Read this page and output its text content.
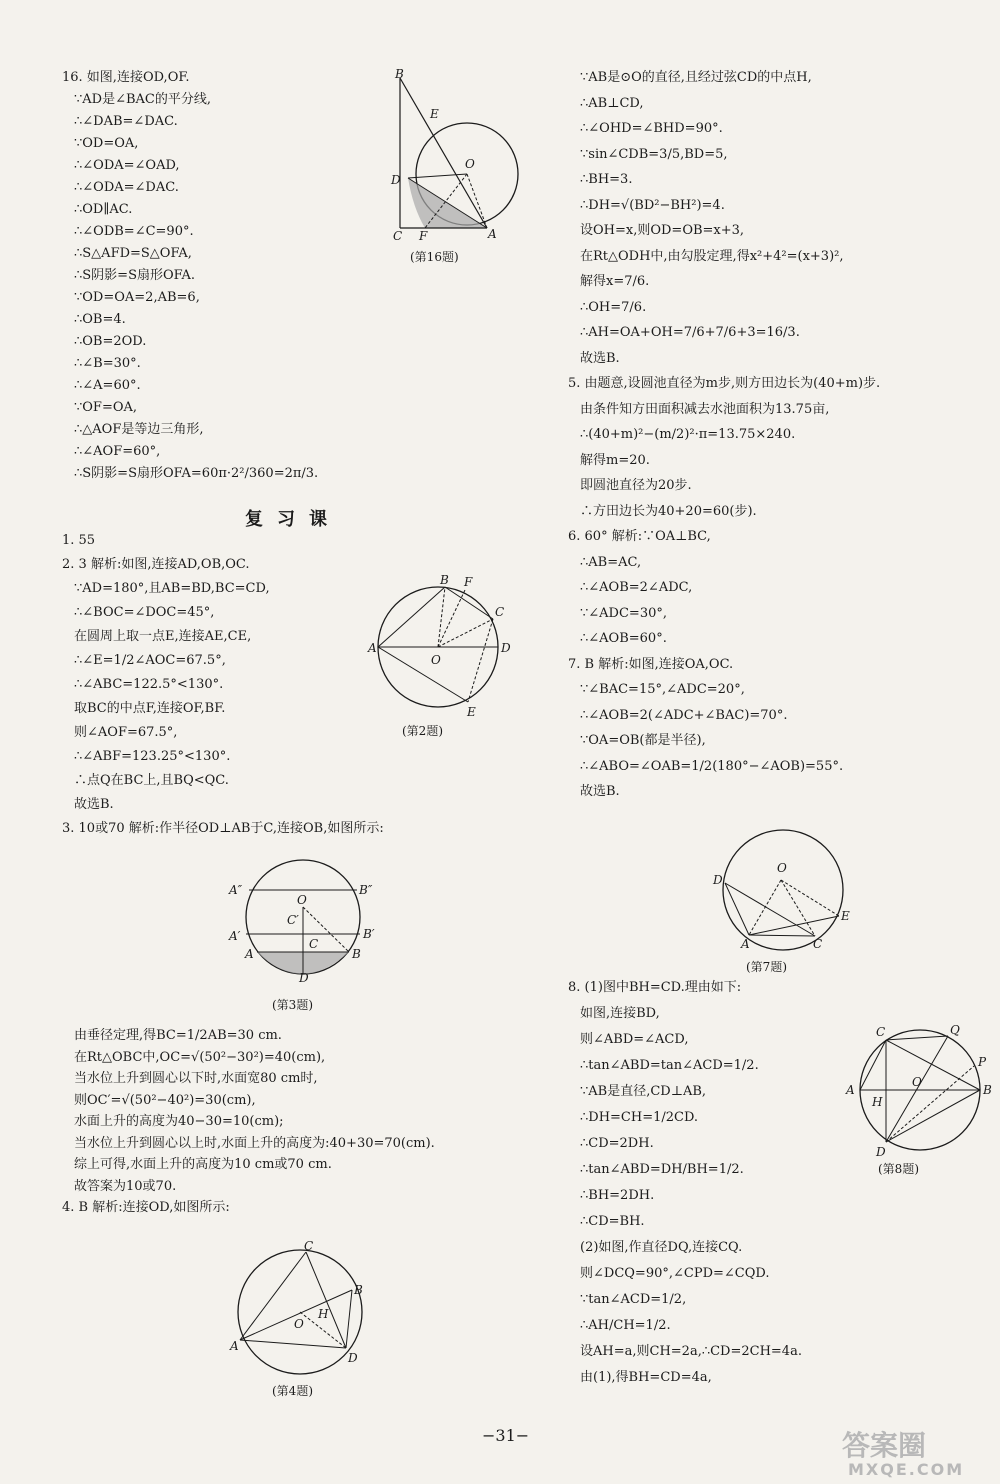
16. 如图,连接OD,OF.
∵AD是∠BAC的平分线,
∴∠DAB=∠DAC.
∵OD=OA,
∴∠ODA=∠OAD,
∴∠ODA=∠DAC.
∴OD∥AC.
∴∠ODB=∠C=90°.
∴S△AFD=S△OFA,
∴S阴影=S扇形OFA.
∵OD=OA=2,AB=6,
∴OB=4.
∴OB=2OD.
∴∠B=30°.
∴∠A=60°.
∵OF=OA,
∴△AOF是等边三角形,
∴∠AOF=60°,
∴S阴影=S扇形OFA=60π·2²/360=2π/3.
B
E
O
D
C F	A
(第16题)
复习课
1. 55
2. 3 解析:如图,连接AD,OB,OC.
∵AD=180°,且AB=BD,BC=CD,
∴∠BOC=∠DOC=45°,
在圆周上取一点E,连接AE,CE,
∴∠E=1/2∠AOC=67.5°,
∴∠ABC=122.5°<130°.
取BC的中点F,连接OF,BF.
则∠AOF=67.5°,
∴∠ABF=123.25°<130°.
∴点Q在BC上,且BQ<QC.
故选B.
3. 10或70 解析:作半径OD⊥AB于C,连接OB,如图所示:
B F
C
A	D
O
E
(第2题)
A″	B″
O
C′
A′	B′
A
C
B
D
(第3题)
由垂径定理,得BC=1/2AB=30 cm.
在Rt△OBC中,OC=√(50²−30²)=40(cm),
当水位上升到圆心以下时,水面宽80 cm时,
则OC′=√(50²−40²)=30(cm),
水面上升的高度为40−30=10(cm);
当水位上升到圆心以上时,水面上升的高度为:40+30=70(cm).
综上可得,水面上升的高度为10 cm或70 cm.
故答案为10或70.
4. B 解析:连接OD,如图所示:
C
B
H
O
A
D
(第4题)
∵AB是⊙O的直径,且经过弦CD的中点H,
∴AB⊥CD,
∴∠OHD=∠BHD=90°.
∵sin∠CDB=3/5,BD=5,
∴BH=3.
∴DH=√(BD²−BH²)=4.
设OH=x,则OD=OB=x+3,
在Rt△ODH中,由勾股定理,得x²+4²=(x+3)²,
解得x=7/6.
∴OH=7/6.
∴AH=OA+OH=7/6+7/6+3=16/3.
故选B.
5. 由题意,设圆池直径为m步,则方田边长为(40+m)步.
由条件知方田面积减去水池面积为13.75亩,
∴(40+m)²−(m/2)²·π=13.75×240.
解得m=20.
即圆池直径为20步.
∴方田边长为40+20=60(步).
6. 60° 解析:∵OA⊥BC,
∴AB=AC,
∴∠AOB=2∠ADC,
∵∠ADC=30°,
∴∠AOB=60°.
7. B 解析:如图,连接OA,OC.
∵∠BAC=15°,∠ADC=20°,
∴∠AOB=2(∠ADC+∠BAC)=70°.
∵OA=OB(都是半径),
∴∠ABO=∠OAB=1/2(180°−∠AOB)=55°.
故选B.
O
D
E
A	C
(第7题)
8. (1)图中BH=CD.理由如下:
如图,连接BD,
则∠ABD=∠ACD,
∴tan∠ABD=tan∠ACD=1/2.
∵AB是直径,CD⊥AB,
∴DH=CH=1/2CD.
∴CD=2DH.
∴tan∠ABD=DH/BH=1/2.
∴BH=2DH.
∴CD=BH.
(2)如图,作直径DQ,连接CQ.
则∠DCQ=90°,∠CPD=∠CQD.
∵tan∠ACD=1/2,
∴AH/CH=1/2.
设AH=a,则CH=2a,∴CD=2CH=4a.
由(1),得BH=CD=4a,
C	Q
P
A	B
H
O
D
(第8题)
−31−	答案圈
MXQE.COM
